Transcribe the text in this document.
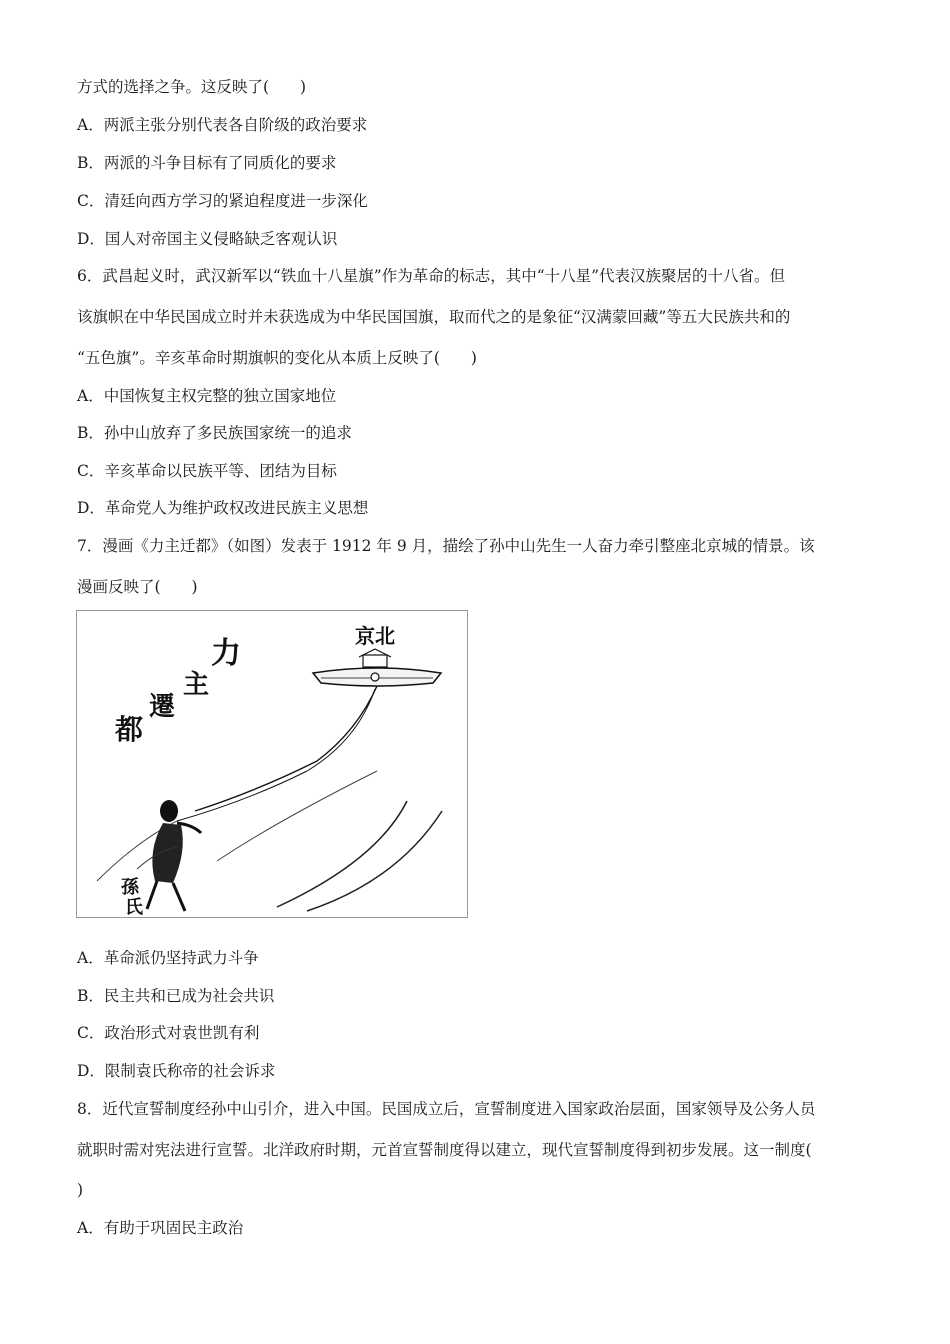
方式的选择之争。这反映了(　　)
A．两派主张分别代表各自阶级的政治要求
B．两派的斗争目标有了同质化的要求
C．清廷向西方学习的紧迫程度进一步深化
D．国人对帝国主义侵略缺乏客观认识
6．武昌起义时，武汉新军以“铁血十八星旗”作为革命的标志，其中“十八星”代表汉族聚居的十八省。但
该旗帜在中华民国成立时并未获选成为中华民国国旗，取而代之的是象征“汉满蒙回藏”等五大民族共和的
“五色旗”。辛亥革命时期旗帜的变化从本质上反映了(　　)
A．中国恢复主权完整的独立国家地位
B．孙中山放弃了多民族国家统一的追求
C．辛亥革命以民族平等、团结为目标
D．革命党人为维护政权改进民族主义思想
7．漫画《力主迁都》（如图）发表于 1912 年 9 月，描绘了孙中山先生一人奋力牵引整座北京城的情景。该
漫画反映了(　　)
力
主
遷
都
京北
孫
氏
A．革命派仍坚持武力斗争
B．民主共和已成为社会共识
C．政治形式对袁世凯有利
D．限制袁氏称帝的社会诉求
8．近代宣誓制度经孙中山引介，进入中国。民国成立后，宣誓制度进入国家政治层面，国家领导及公务人员
就职时需对宪法进行宣誓。北洋政府时期，元首宣誓制度得以建立，现代宣誓制度得到初步发展。这一制度(
)
A．有助于巩固民主政治
